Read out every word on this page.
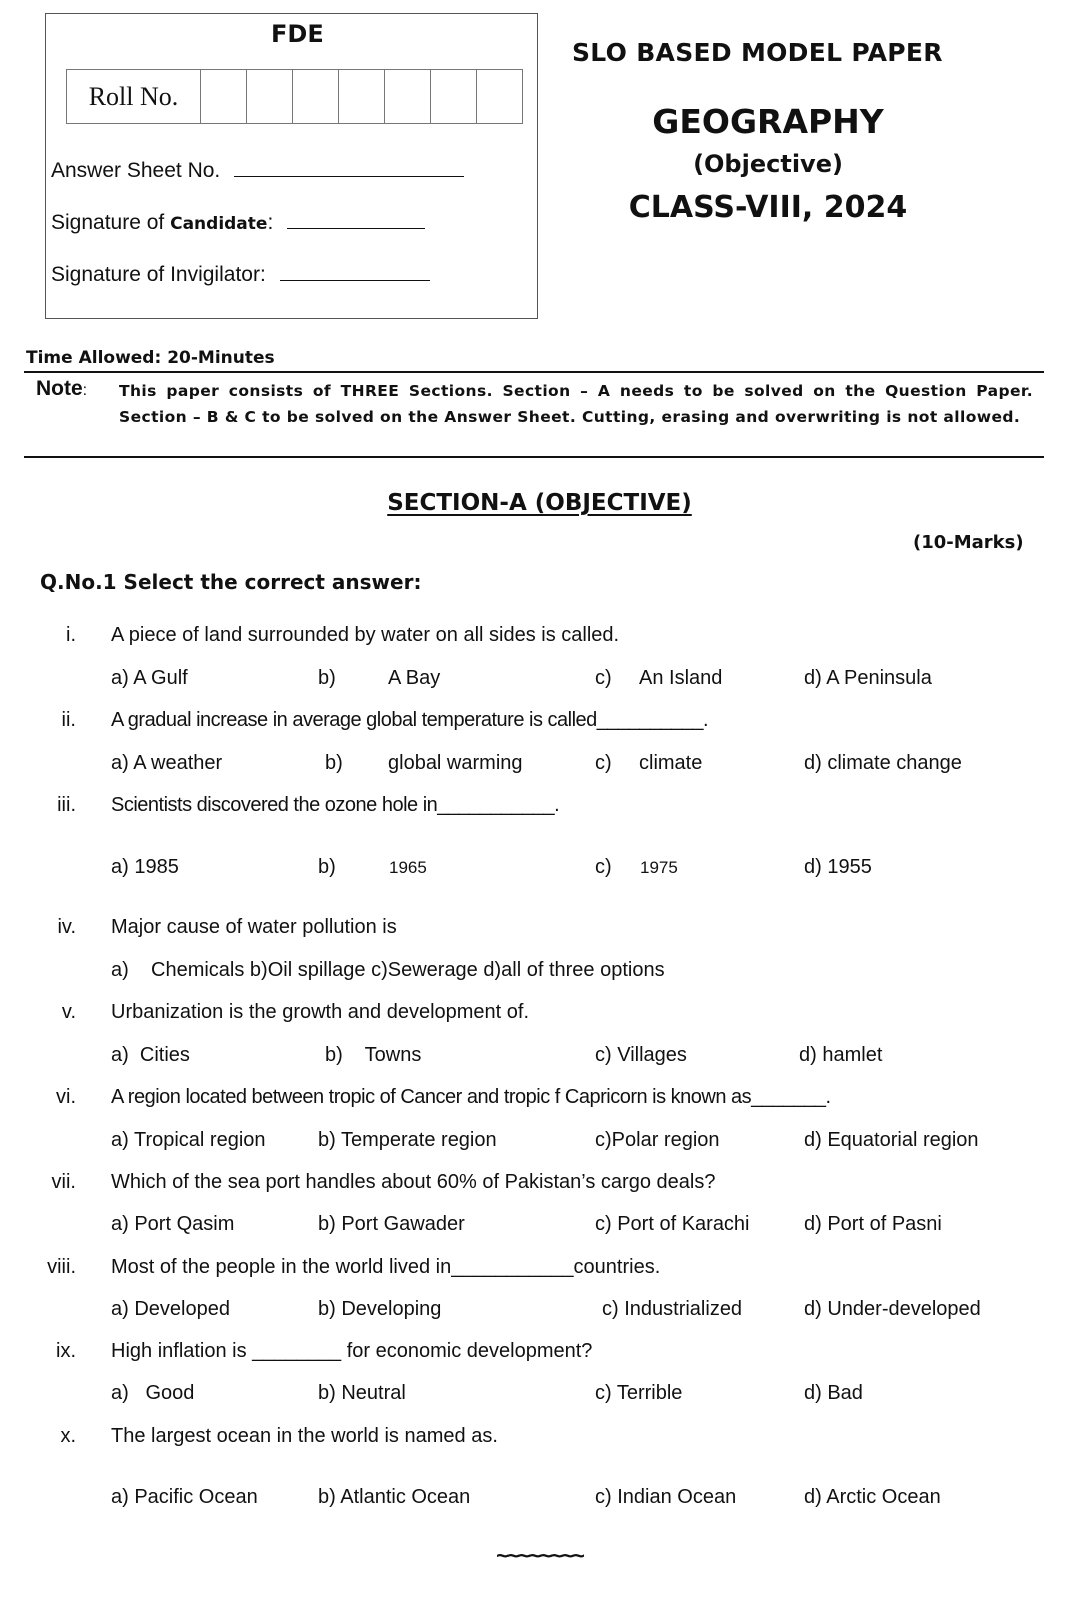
FDE
Roll No.							
Answer Sheet No.
Signature of Candidate:
Signature of Invigilator:
SLO BASED MODEL PAPER
GEOGRAPHY
(Objective)
CLASS-VIII, 2024
Time Allowed: 20-Minutes
Note: This paper consists of THREE Sections. Section – A needs to be solved on the Question Paper. Section – B & C to be solved on the Answer Sheet. Cutting, erasing and overwriting is not allowed.
SECTION-A (OBJECTIVE)
(10-Marks)
Q.No.1 Select the correct answer:
i. A piece of land surrounded by water on all sides is called.
a) A Gulf	b)	A Bay	c) An Island	d) A Peninsula
ii. A gradual increase in average global temperature is called__________.
a) A weather	b) global warming	c) climate	d) climate change
iii. Scientists discovered the ozone hole in___________.
a) 1985	b)	1965	c) 1975	d) 1955
iv. Major cause of water pollution is
a)    Chemicals b)Oil spillage c)Sewerage d)all of three options
v. Urbanization is the growth and development of.
a)  Cities	b)    Towns	c) Villages	d) hamlet
vi. A region located between tropic of Cancer and tropic f Capricorn is known as_______.
a) Tropical region	b) Temperate region	c)Polar region	d) Equatorial region
vii. Which of the sea port handles about 60% of Pakistan’s cargo deals?
a) Port Qasim	b) Port Gawader	c) Port of Karachi	d) Port of Pasni
viii. Most of the people in the world lived in___________countries.
a) Developed	b) Developing	c) Industrialized	d) Under-developed
ix. High inflation is ________ for economic development?
a)   Good	b) Neutral	c) Terrible	d) Bad
x. The largest ocean in the world is named as.
a) Pacific Ocean	b) Atlantic Ocean	c) Indian Ocean	d) Arctic Ocean
~~~~~~~~
